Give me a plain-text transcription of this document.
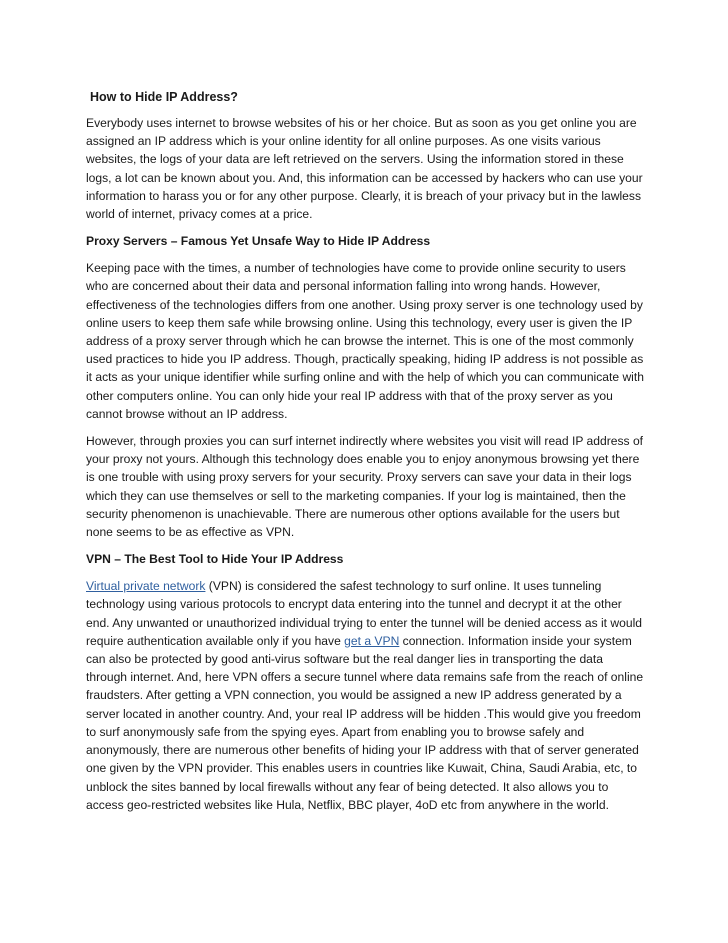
How to Hide IP Address?

Everybody uses internet to browse websites of his or her choice. But as soon as you get online you are assigned an IP address which is your online identity for all online purposes. As one visits various websites, the logs of your data are left retrieved on the servers. Using the information stored in these logs, a lot can be known about you. And, this information can be accessed by hackers who can use your information to harass you or for any other purpose. Clearly, it is breach of your privacy but in the lawless world of internet, privacy comes at a price.

Proxy Servers – Famous Yet Unsafe Way to Hide IP Address

Keeping pace with the times, a number of technologies have come to provide online security to users who are concerned about their data and personal information falling into wrong hands. However, effectiveness of the technologies differs from one another. Using proxy server is one technology used by online users to keep them safe while browsing online. Using this technology, every user is given the IP address of a proxy server through which he can browse the internet. This is one of the most commonly used practices to hide you IP address. Though, practically speaking, hiding IP address is not possible as it acts as your unique identifier while surfing online and with the help of which you can communicate with other computers online. You can only hide your real IP address with that of the proxy server as you cannot browse without an IP address.

However, through proxies you can surf internet indirectly where websites you visit will read IP address of your proxy not yours. Although this technology does enable you to enjoy anonymous browsing yet there is one trouble with using proxy servers for your security. Proxy servers can save your data in their logs which they can use themselves or sell to the marketing companies. If your log is maintained, then the security phenomenon is unachievable. There are numerous other options available for the users but none seems to be as effective as VPN.

VPN – The Best Tool to Hide Your IP Address

Virtual private network (VPN) is considered the safest technology to surf online. It uses tunneling technology using various protocols to encrypt data entering into the tunnel and decrypt it at the other end. Any unwanted or unauthorized individual trying to enter the tunnel will be denied access as it would require authentication available only if you have get a VPN connection. Information inside your system can also be protected by good anti-virus software but the real danger lies in transporting the data through internet. And, here VPN offers a secure tunnel where data remains safe from the reach of online fraudsters. After getting a VPN connection, you would be assigned a new IP address generated by a server located in another country. And, your real IP address will be hidden .This would give you freedom to surf anonymously safe from the spying eyes. Apart from enabling you to browse safely and anonymously, there are numerous other benefits of hiding your IP address with that of server generated one given by the VPN provider. This enables users in countries like Kuwait, China, Saudi Arabia, etc, to unblock the sites banned by local firewalls without any fear of being detected. It also allows you to access geo-restricted websites like Hula, Netflix, BBC player, 4oD etc from anywhere in the world.
